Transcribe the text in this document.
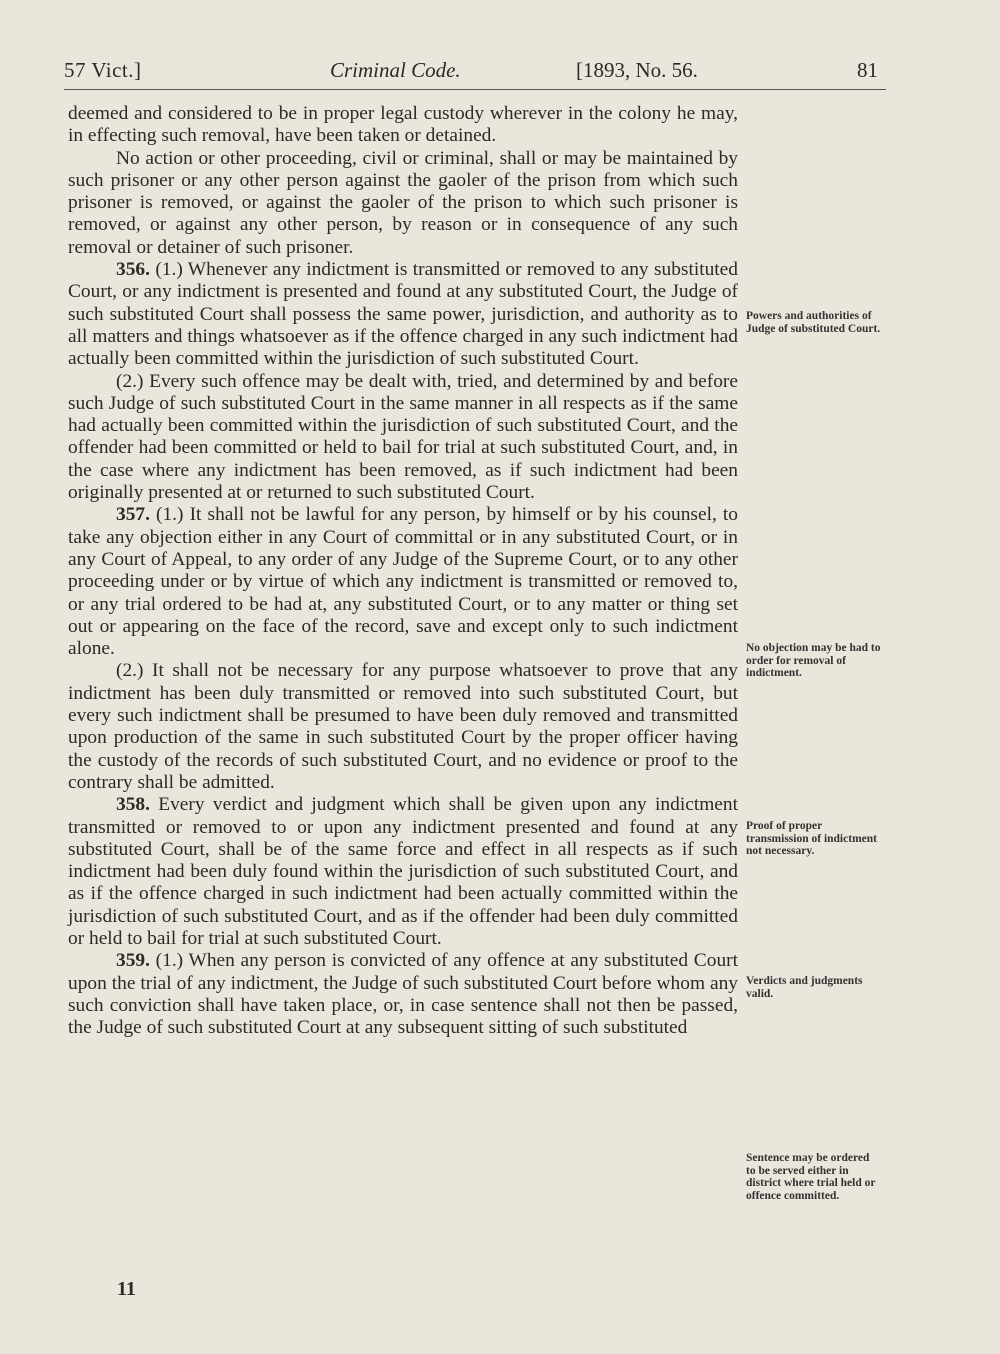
57 Vict.]	Criminal Code.	[1893, No. 56.	81

deemed and considered to be in proper legal custody wherever in the colony he may, in effecting such removal, have been taken or detained.

No action or other proceeding, civil or criminal, shall or may be maintained by such prisoner or any other person against the gaoler of the prison from which such prisoner is removed, or against the gaoler of the prison to which such prisoner is removed, or against any other person, by reason or in consequence of any such removal or detainer of such prisoner.

356. (1.) Whenever any indictment is transmitted or removed to any substituted Court, or any indictment is presented and found at any substituted Court, the Judge of such substituted Court shall possess the same power, jurisdiction, and authority as to all matters and things whatsoever as if the offence charged in any such indictment had actually been committed within the jurisdiction of such substituted Court.

(2.) Every such offence may be dealt with, tried, and determined by and before such Judge of such substituted Court in the same manner in all respects as if the same had actually been committed within the jurisdiction of such substituted Court, and the offender had been committed or held to bail for trial at such substituted Court, and, in the case where any indictment has been removed, as if such indictment had been originally presented at or returned to such substituted Court.

357. (1.) It shall not be lawful for any person, by himself or by his counsel, to take any objection either in any Court of committal or in any substituted Court, or in any Court of Appeal, to any order of any Judge of the Supreme Court, or to any other proceeding under or by virtue of which any indictment is transmitted or removed to, or any trial ordered to be had at, any substituted Court, or to any matter or thing set out or appearing on the face of the record, save and except only to such indictment alone.

(2.) It shall not be necessary for any purpose whatsoever to prove that any indictment has been duly transmitted or removed into such substituted Court, but every such indictment shall be presumed to have been duly removed and transmitted upon production of the same in such substituted Court by the proper officer having the custody of the records of such substituted Court, and no evidence or proof to the contrary shall be admitted.

358. Every verdict and judgment which shall be given upon any indictment transmitted or removed to or upon any indictment presented and found at any substituted Court, shall be of the same force and effect in all respects as if such indictment had been duly found within the jurisdiction of such substituted Court, and as if the offence charged in such indictment had been actually committed within the jurisdiction of such substituted Court, and as if the offender had been duly committed or held to bail for trial at such substituted Court.

359. (1.) When any person is convicted of any offence at any substituted Court upon the trial of any indictment, the Judge of such substituted Court before whom any such conviction shall have taken place, or, in case sentence shall not then be passed, the Judge of such substituted Court at any subsequent sitting of such substituted

Powers and authorities of Judge of substituted Court.
No objection may be had to order for removal of indictment.
Proof of proper transmission of indictment not necessary.
Verdicts and judgments valid.
Sentence may be ordered to be served either in district where trial held or offence committed.
11
